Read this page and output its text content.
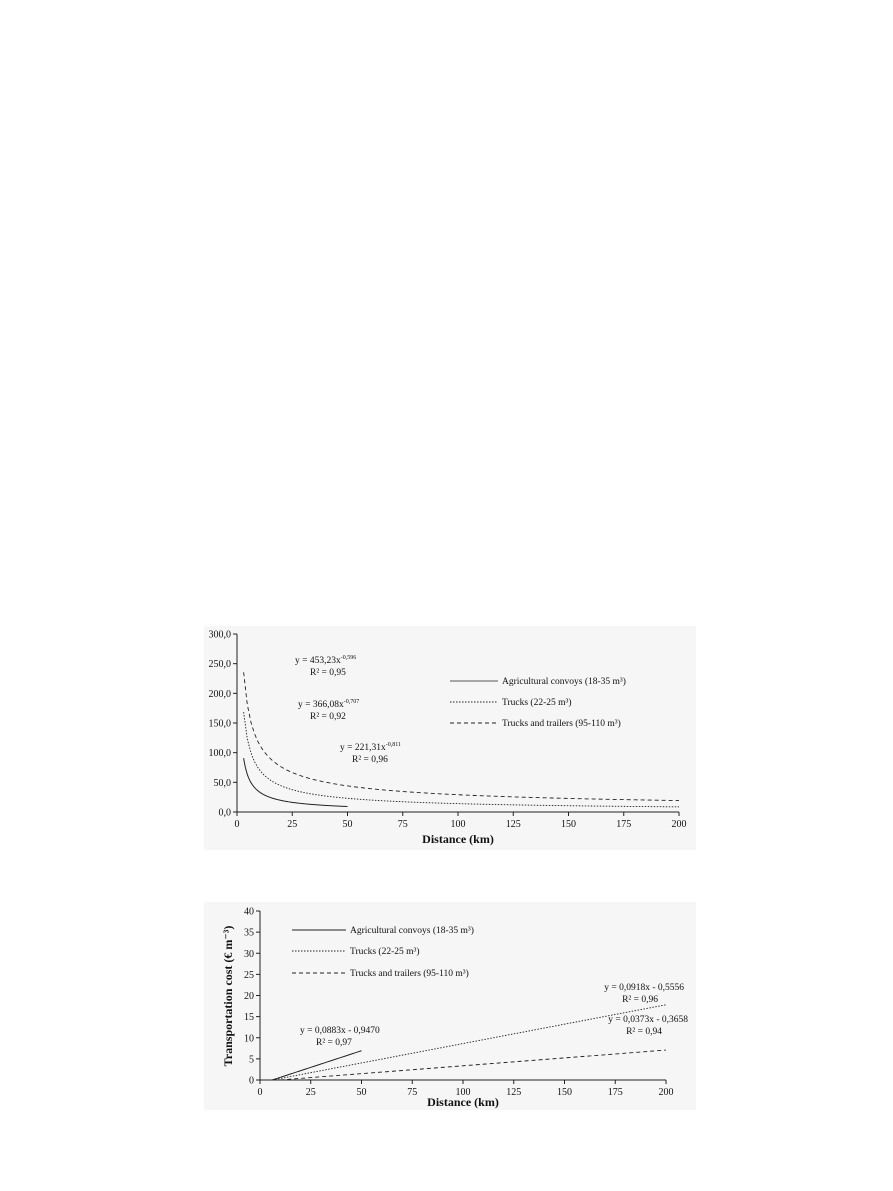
0,0
50,0
100,0
150,0
200,0
250,0
300,0
0	25	50	75	100	125	150	175	200
Distance (km)
Agricultural convoys (18-35 m³)
Trucks (22-25 m³)
Trucks and trailers (95-110 m³)
$y = 453,23x^{-0,596}$
R² = 0,95
$y = 366,08x^{-0,707}$
R² = 0,92
$y = 221,31x^{-0,811}$
R² = 0,96
0
5
10
15
20
25
30
35
40
0	25	50	75	100	125	150	175	200
Distance (km)
Transportation cost (€ m⁻³)	Agricultural convoys (18-35 m³)
Trucks (22-25 m³)
Trucks and trailers (95-110 m³)
y = 0,0883x - 0,9470
R² = 0,97
y = 0,0918x - 0,5556
R² = 0,96
y = 0,0373x - 0,3658
R² = 0,94
